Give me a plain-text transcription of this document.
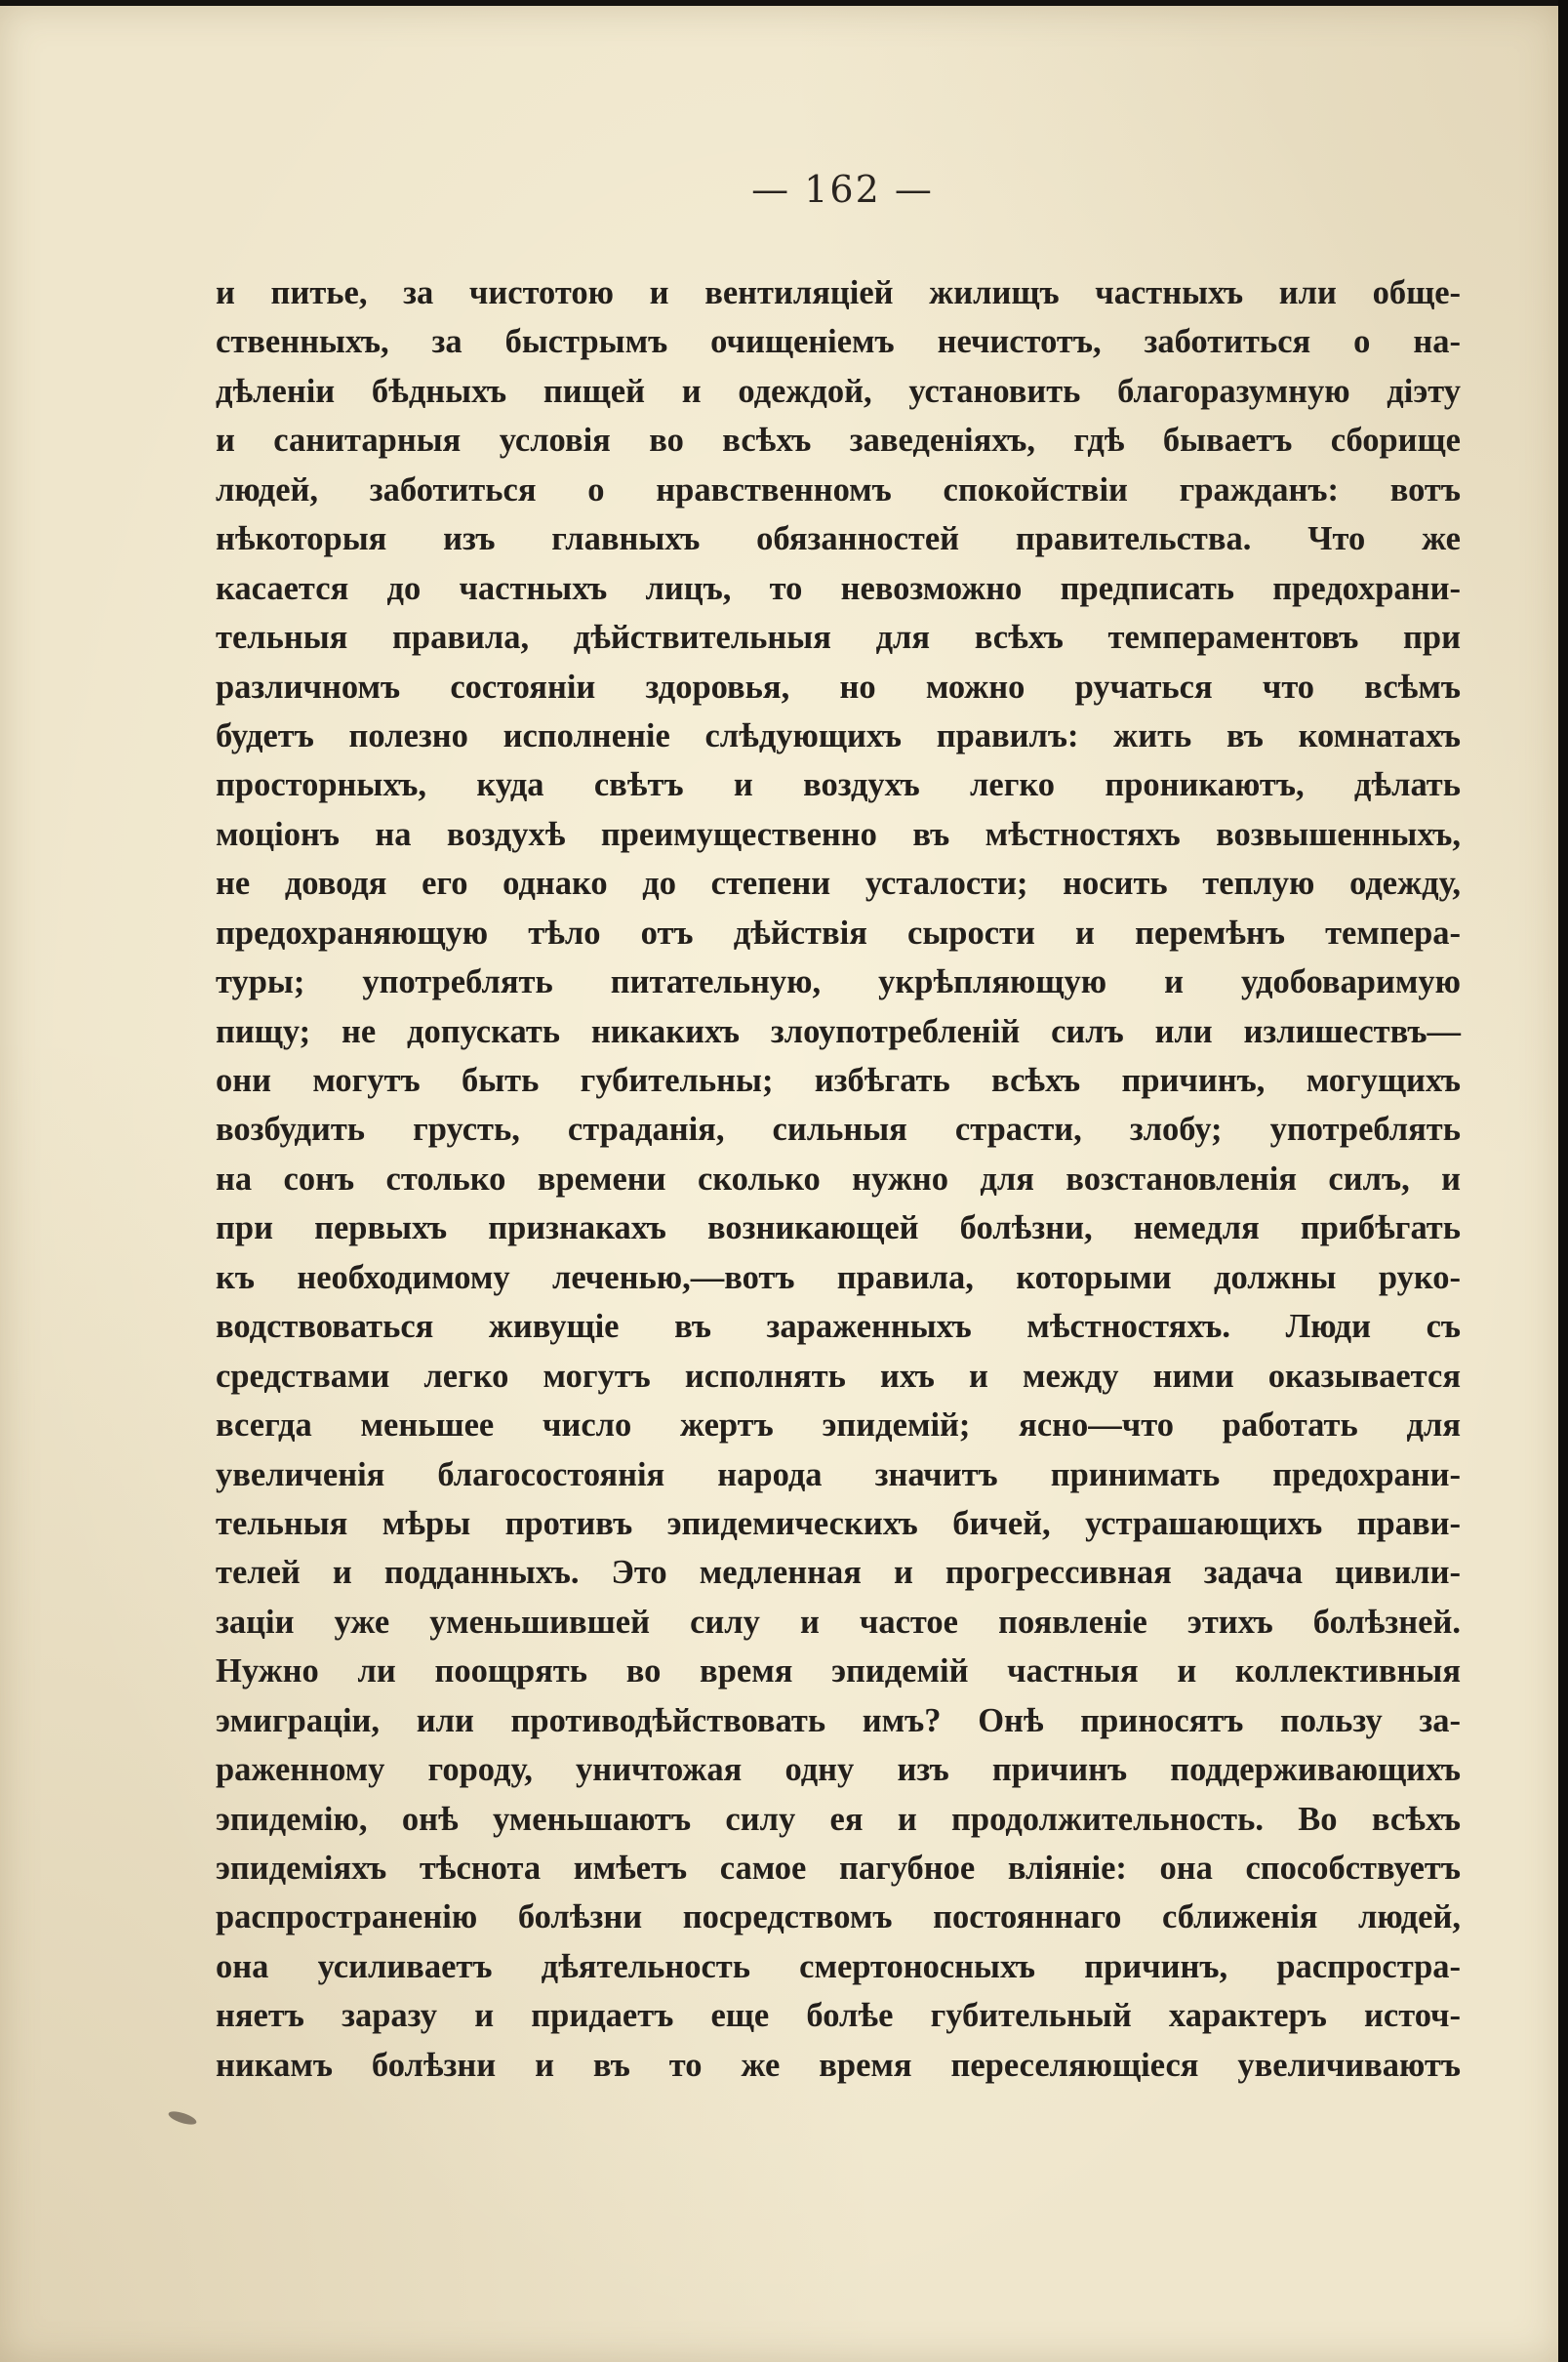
— 162 —
и питье, за чистотою и вентиляціей жилищъ частныхъ или обще-
ственныхъ, за быстрымъ очищеніемъ нечистотъ, заботиться о на-
дѣленіи бѣдныхъ пищей и одеждой, установить благоразумную діэту
и санитарныя условія во всѣхъ заведеніяхъ, гдѣ бываетъ сборище
людей, заботиться о нравственномъ спокойствіи гражданъ: вотъ
нѣкоторыя изъ главныхъ обязанностей правительства. Что же
касается до частныхъ лицъ, то невозможно предписать предохрани-
тельныя правила, дѣйствительныя для всѣхъ темпераментовъ при
различномъ состояніи здоровья, но можно ручаться что всѣмъ
будетъ полезно исполненіе слѣдующихъ правилъ: жить въ комнатахъ
просторныхъ, куда свѣтъ и воздухъ легко проникаютъ, дѣлать
моціонъ на воздухѣ преимущественно въ мѣстностяхъ возвышенныхъ,
не доводя его однако до степени усталости; носить теплую одежду,
предохраняющую тѣло отъ дѣйствія сырости и перемѣнъ темпера-
туры; употреблять питательную, укрѣпляющую и удобоваримую
пищу; не допускать никакихъ злоупотребленій силъ или излишествъ—
они могутъ быть губительны; избѣгать всѣхъ причинъ, могущихъ
возбудить грусть, страданія, сильныя страсти, злобу; употреблять
на сонъ столько времени сколько нужно для возстановленія силъ, и
при первыхъ признакахъ возникающей болѣзни, немедля прибѣгать
къ необходимому леченью,—вотъ правила, которыми должны руко-
водствоваться живущіе въ зараженныхъ мѣстностяхъ. Люди съ
средствами легко могутъ исполнять ихъ и между ними оказывается
всегда меньшее число жертъ эпидемій; ясно—что работать для
увеличенія благосостоянія народа значитъ принимать предохрани-
тельныя мѣры противъ эпидемическихъ бичей, устрашающихъ прави-
телей и подданныхъ. Это медленная и прогрессивная задача цивили-
заціи уже уменьшившей силу и частое появленіе этихъ болѣзней.
Нужно ли поощрять во время эпидемій частныя и коллективныя
эмиграціи, или противодѣйствовать имъ? Онѣ приносятъ пользу за-
раженному городу, уничтожая одну изъ причинъ поддерживающихъ
эпидемію, онѣ уменьшаютъ силу ея и продолжительность. Во всѣхъ
эпидеміяхъ тѣснота имѣетъ самое пагубное вліяніе: она способствуетъ
распространенію болѣзни посредствомъ постояннаго сближенія людей,
она усиливаетъ дѣятельность смертоносныхъ причинъ, распростра-
няетъ заразу и придаетъ еще болѣе губительный характеръ источ-
никамъ болѣзни и въ то же время переселяющіеся увеличиваютъ
